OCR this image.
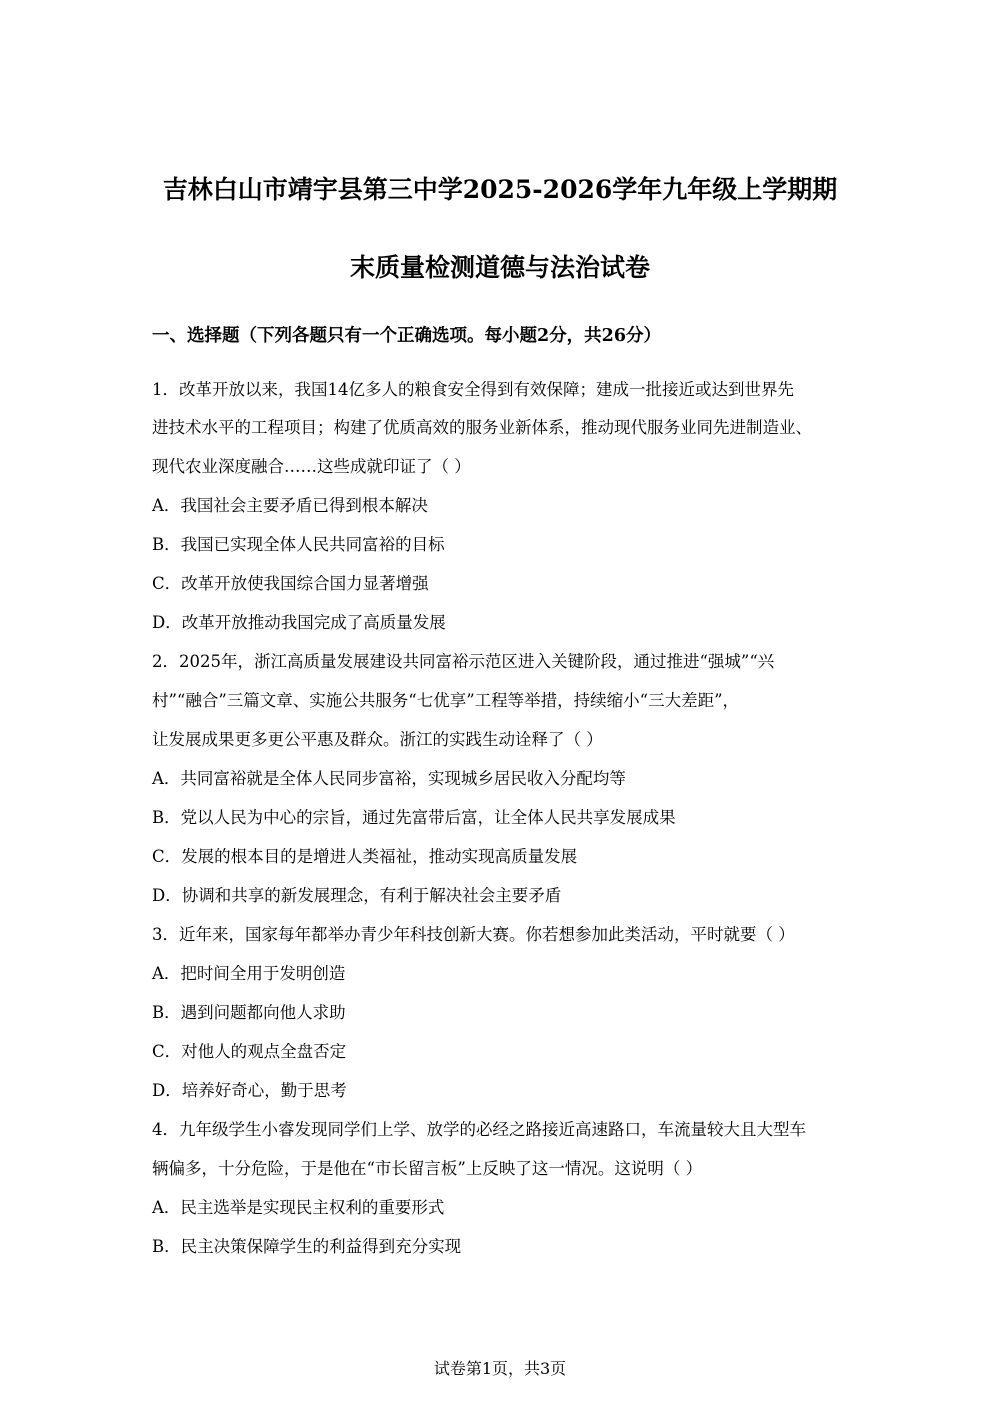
吉林白山市靖宇县第三中学2025-2026学年九年级上学期期
末质量检测道德与法治试卷
一、选择题（下列各题只有一个正确选项。每小题2分，共26分）
1．改革开放以来，我国14亿多人的粮食安全得到有效保障；建成一批接近或达到世界先
进技术水平的工程项目；构建了优质高效的服务业新体系，推动现代服务业同先进制造业、
现代农业深度融合……这些成就印证了（ ）
A．我国社会主要矛盾已得到根本解决
B．我国已实现全体人民共同富裕的目标
C．改革开放使我国综合国力显著增强
D．改革开放推动我国完成了高质量发展
2．2025年，浙江高质量发展建设共同富裕示范区进入关键阶段，通过推进“强城”“兴
村”“融合”三篇文章、实施公共服务“七优享”工程等举措，持续缩小“三大差距”，
让发展成果更多更公平惠及群众。浙江的实践生动诠释了（ ）
A．共同富裕就是全体人民同步富裕，实现城乡居民收入分配均等
B．党以人民为中心的宗旨，通过先富带后富，让全体人民共享发展成果
C．发展的根本目的是增进人类福祉，推动实现高质量发展
D．协调和共享的新发展理念，有利于解决社会主要矛盾
3．近年来，国家每年都举办青少年科技创新大赛。你若想参加此类活动，平时就要（ ）
A．把时间全用于发明创造
B．遇到问题都向他人求助
C．对他人的观点全盘否定
D．培养好奇心，勤于思考
4．九年级学生小睿发现同学们上学、放学的必经之路接近高速路口，车流量较大且大型车
辆偏多，十分危险，于是他在“市长留言板”上反映了这一情况。这说明（ ）
A．民主选举是实现民主权利的重要形式
B．民主决策保障学生的利益得到充分实现
试卷第1页，共3页
